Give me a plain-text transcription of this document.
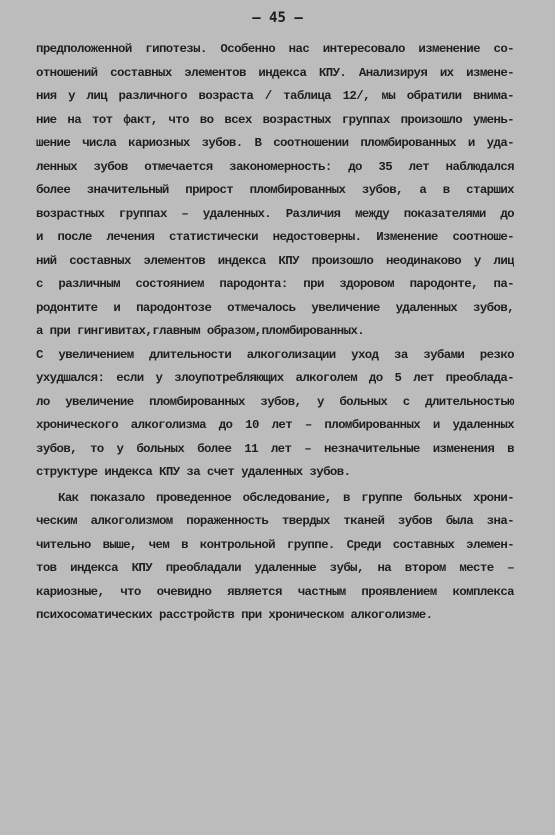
– 45 –
предположенной гипотезы. Особенно нас интересовало изменение со-
отношений составных элементов индекса КПУ. Анализируя их измене-
ния у лиц различного возраста / таблица 12/, мы обратили внима-
ние на тот факт, что во всех возрастных группах произошло умень-
шение числа кариозных зубов. В соотношении пломбированных и уда-
ленных зубов отмечается закономерность: до 35 лет наблюдался
более значительный прирост пломбированных зубов, а в старших
возрастных группах – удаленных. Различия между показателями до
и после лечения статистически недостоверны. Изменение соотноше-
ний составных элементов индекса КПУ произошло неодинаково у лиц
с различным состоянием пародонта: при здоровом пародонте, па-
родонтите и пародонтозе отмечалось увеличение удаленных зубов,
а при гингивитах,главным образом,пломбированных.
С увеличением длительности алкоголизации уход за зубами резко
ухудшался: если у злоупотребляющих алкоголем до 5 лет преоблада-
ло увеличение пломбированных зубов, у больных с длительностью
хронического алкоголизма до 10 лет – пломбированных и удаленных
зубов, то у больных более 11 лет – незначительные изменения в
структуре индекса КПУ за счет удаленных зубов.
Как показало проведенное обследование, в группе больных хрони-
ческим алкоголизмом пораженность твердых тканей зубов была зна-
чительно выше, чем в контрольной группе. Среди составных элемен-
тов индекса КПУ преобладали удаленные зубы, на втором месте –
кариозные, что очевидно является частным проявлением комплекса
психосоматических расстройств при хроническом алкоголизме.
